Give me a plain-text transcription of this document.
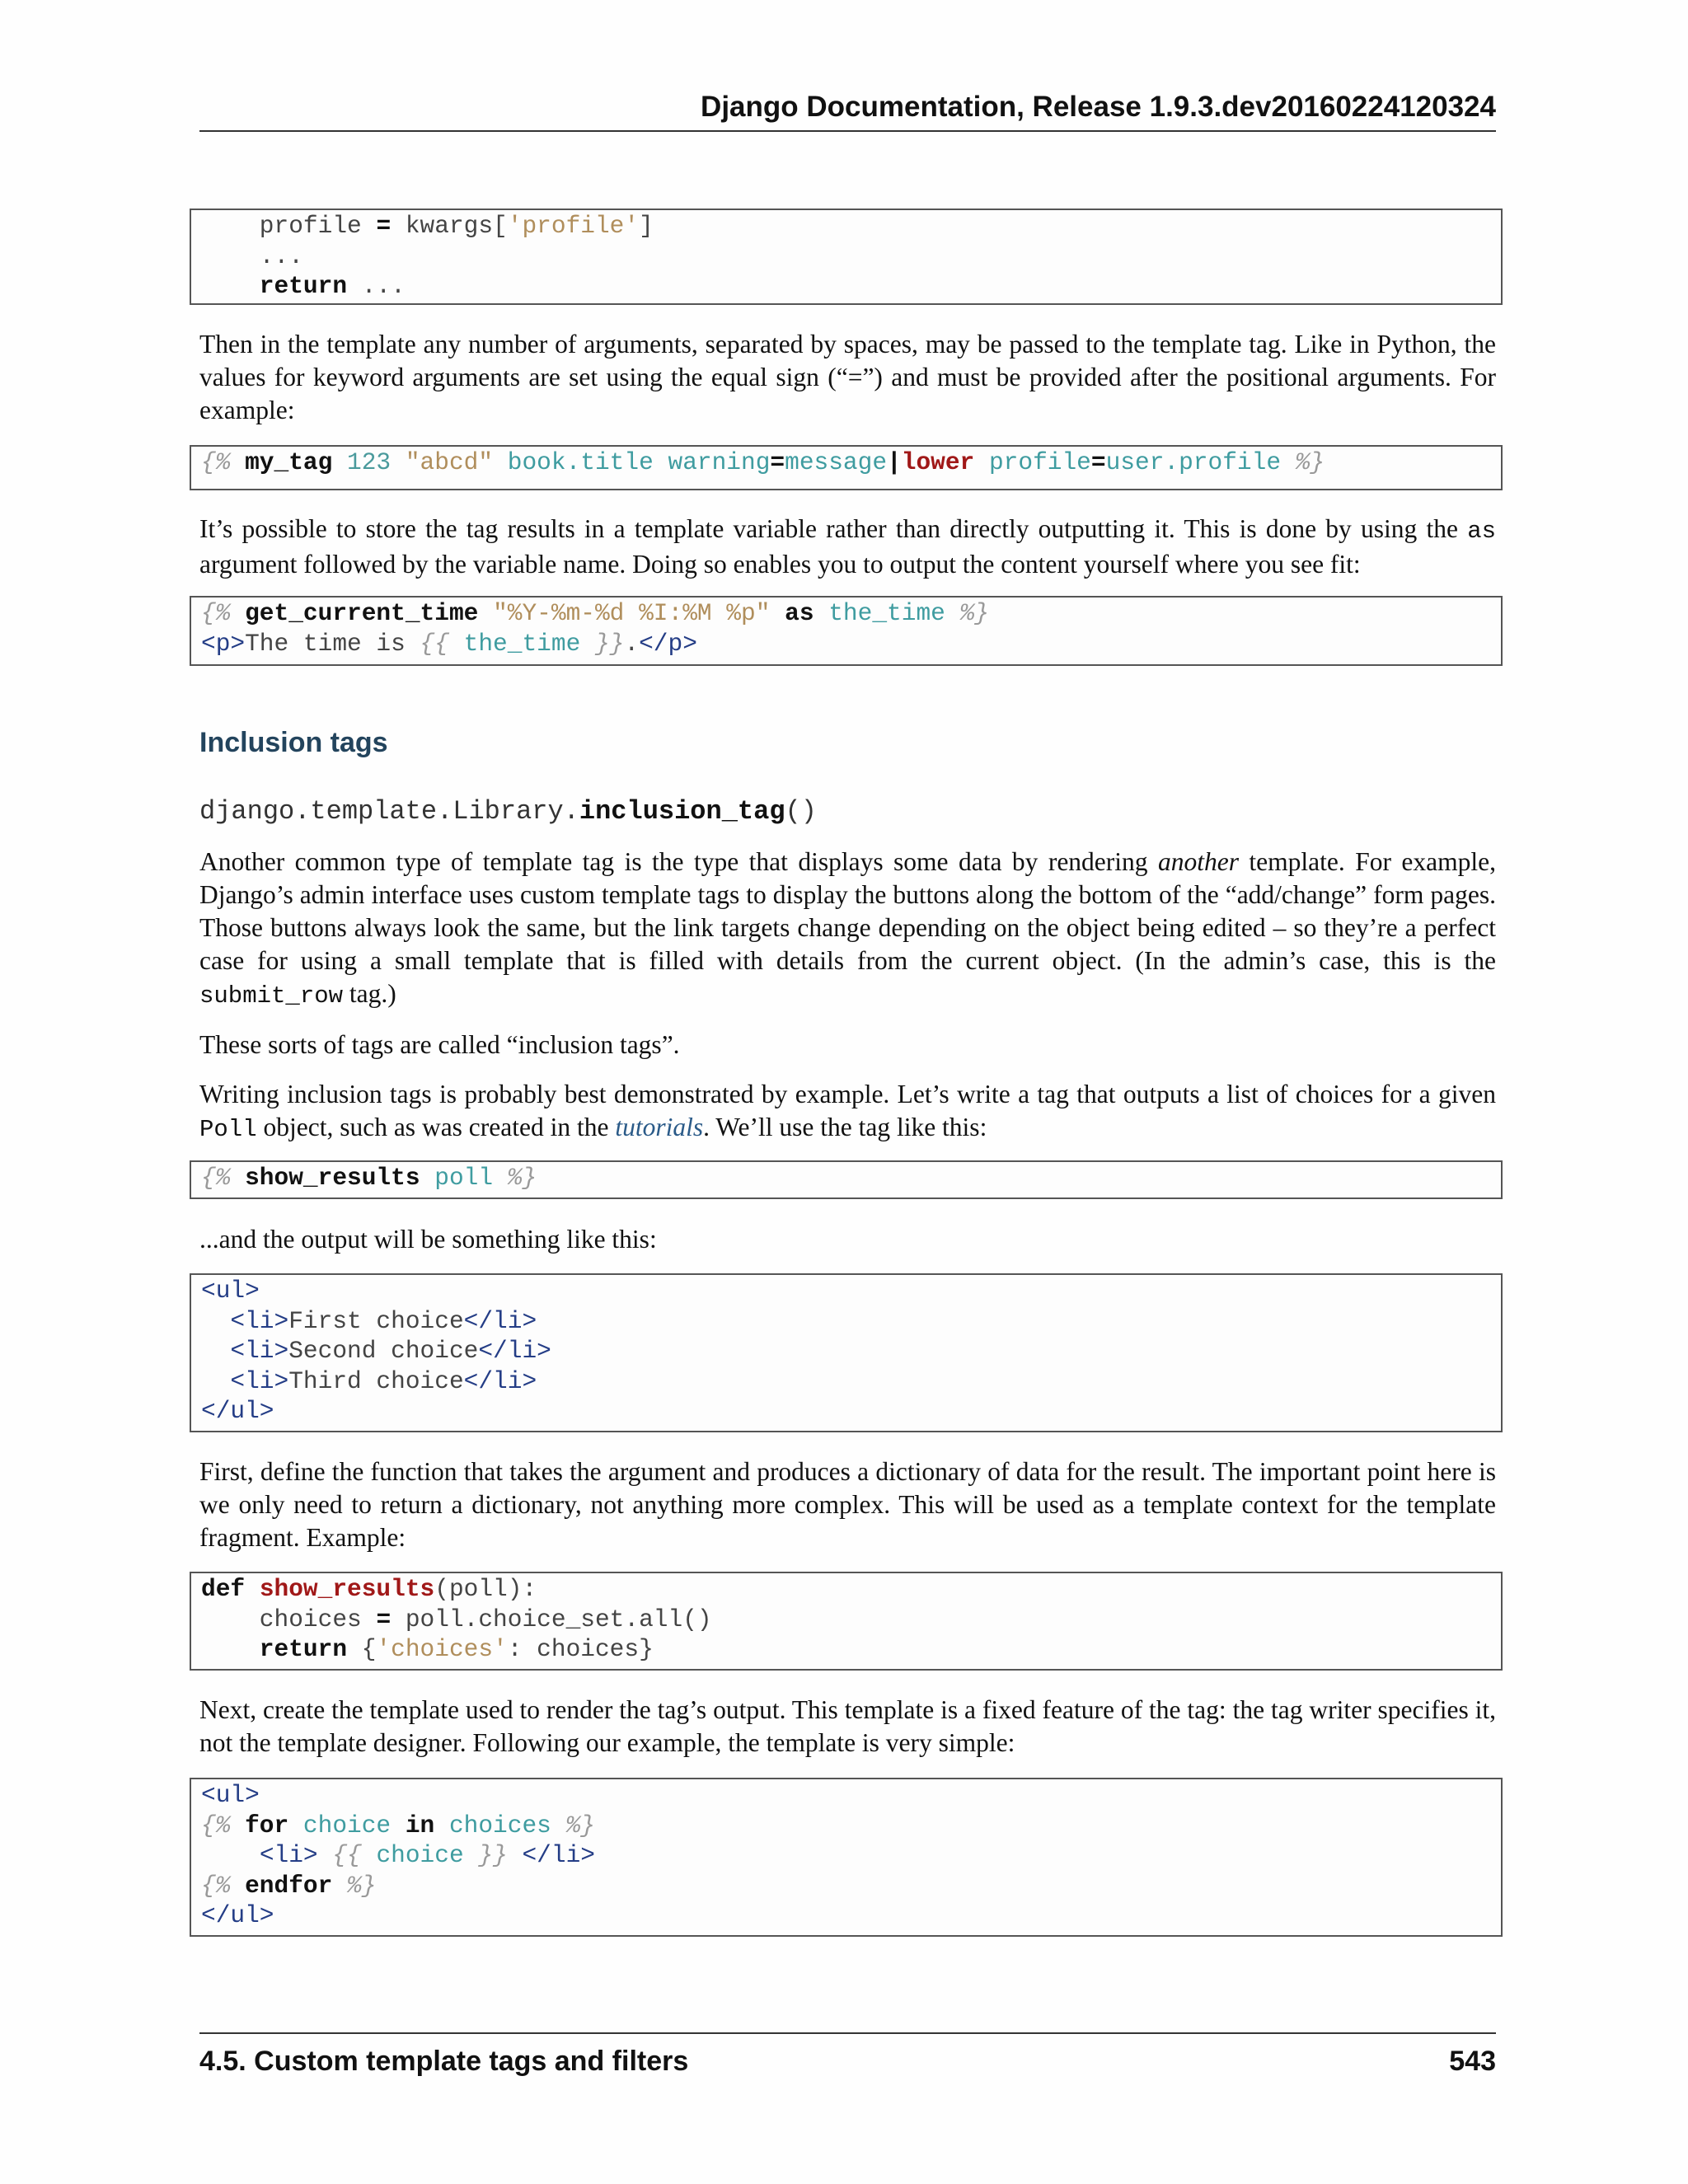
Django Documentation, Release 1.9.3.dev20160224120324
profile = kwargs['profile']
...
return ...
Then in the template any number of arguments, separated by spaces, may be passed to the template tag. Like in Python, the values for keyword arguments are set using the equal sign (“=”) and must be provided after the positional arguments. For example:
{% my_tag 123 "abcd" book.title warning=message|lower profile=user.profile %}
It’s possible to store the tag results in a template variable rather than directly outputting it. This is done by using the as argument followed by the variable name. Doing so enables you to output the content yourself where you see fit:
{% get_current_time "%Y-%m-%d %I:%M %p" as the_time %}
<p>The time is {{ the_time }}.</p>
Inclusion tags
django.template.Library.inclusion_tag()
Another common type of template tag is the type that displays some data by rendering another template. For example, Django’s admin interface uses custom template tags to display the buttons along the bottom of the “add/change” form pages. Those buttons always look the same, but the link targets change depending on the object being edited – so they’re a perfect case for using a small template that is filled with details from the current object. (In the admin’s case, this is the submit_row tag.)
These sorts of tags are called “inclusion tags”.
Writing inclusion tags is probably best demonstrated by example. Let’s write a tag that outputs a list of choices for a given Poll object, such as was created in the tutorials. We’ll use the tag like this:
{% show_results poll %}
...and the output will be something like this:
<ul>
<li>First choice</li>
<li>Second choice</li>
<li>Third choice</li>
</ul>
First, define the function that takes the argument and produces a dictionary of data for the result. The important point here is we only need to return a dictionary, not anything more complex. This will be used as a template context for the template fragment. Example:
def show_results(poll):
choices = poll.choice_set.all()
return {'choices': choices}
Next, create the template used to render the tag’s output. This template is a fixed feature of the tag: the tag writer specifies it, not the template designer. Following our example, the template is very simple:
<ul>
{% for choice in choices %}
<li> {{ choice }} </li>
{% endfor %}
</ul>
4.5. Custom template tags and filters	543
